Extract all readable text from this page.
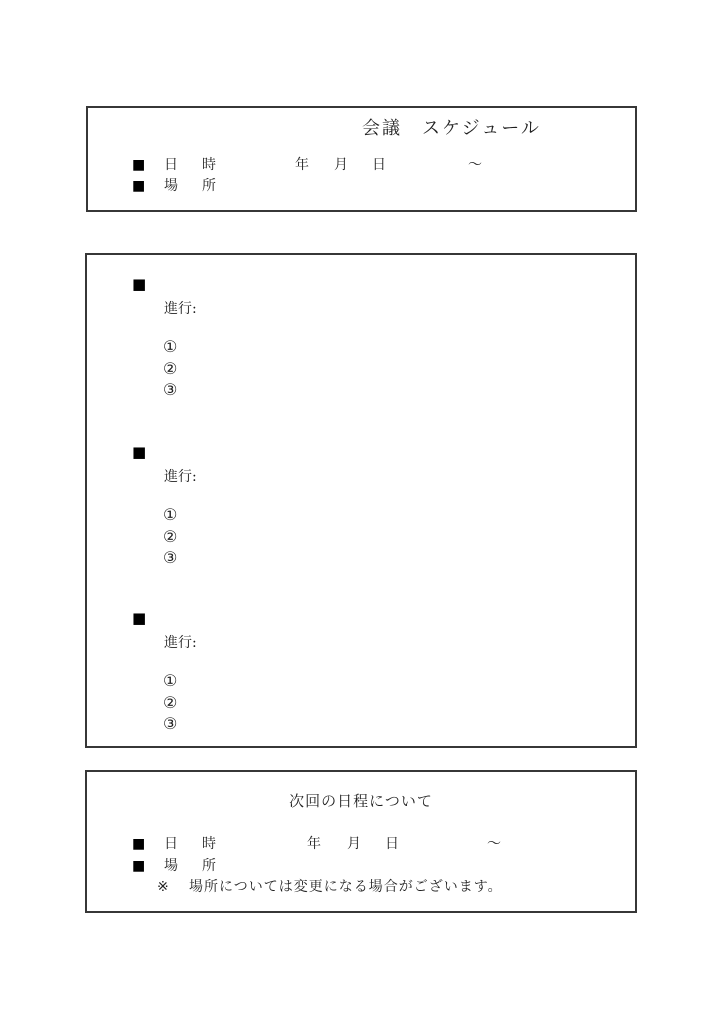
会議　スケジュール
■ 日 時	年 月 日	～
■ 場 所
■
進行:
①
②
③
■
進行:
①
②
③
■
進行:
①
②
③
次回の日程について
■ 日 時	年 月 日	～
■ 場 所
※ 場所については変更になる場合がございます。
